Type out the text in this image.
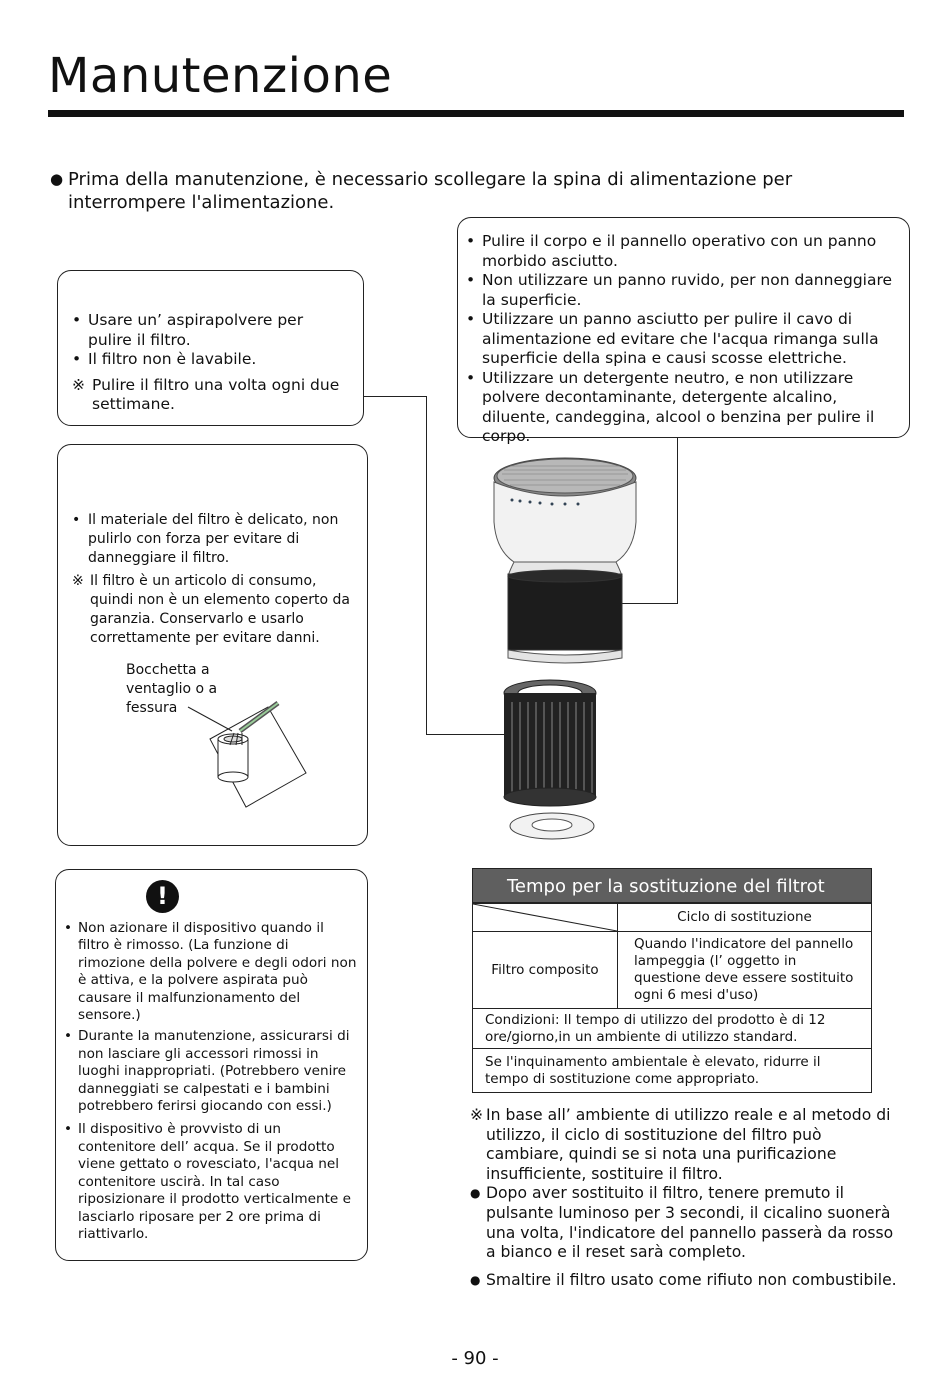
Manutenzione
● Prima della manutenzione, è necessario scollegare la spina di alimentazione per interrompere l'alimentazione.
• Pulire il corpo e il pannello operativo con un panno morbido asciutto.
• Non utilizzare un panno ruvido, per non danneggiare la superficie.
• Utilizzare un panno asciutto per pulire il cavo di alimentazione ed evitare che l'acqua rimanga sulla superficie della spina e causi scosse elettriche.
• Utilizzare un detergente neutro, e non utilizzare polvere decontaminante, detergente alcalino, diluente, candeggina, alcool o benzina per pulire il corpo.
• Usare un’ aspirapolvere per pulire il filtro.
• Il filtro non è lavabile.
※ Pulire il filtro una volta ogni due settimane.
• Il materiale del filtro è delicato, non pulirlo con forza per evitare di danneggiare il filtro.
※ Il filtro è un articolo di consumo, quindi non è un elemento coperto da garanzia. Conservarlo e usarlo correttamente per evitare danni.
Bocchetta a ventaglio o a fessura
!
• Non azionare il dispositivo quando il filtro è rimosso. (La funzione di rimozione della polvere e degli odori non è attiva, e la polvere aspirata può causare il malfunzionamento del sensore.)
• Durante la manutenzione, assicurarsi di non lasciare gli accessori rimossi in luoghi inappropriati. (Potrebbero venire danneggiati se calpestati e i bambini potrebbero ferirsi giocando con essi.)
• Il dispositivo è provvisto di un contenitore dell’ acqua. Se il prodotto viene gettato o rovesciato, l'acqua nel contenitore uscirà. In tal caso riposizionare il prodotto verticalmente e lasciarlo riposare per 2 ore prima di riattivarlo.
Tempo per la sostituzione del filtrot
	Ciclo di sostituzione
Filtro composito	Quando l'indicatore del pannello lampeggia (l’ oggetto in questione deve essere sostituito ogni 6 mesi d'uso)
Condizioni: Il tempo di utilizzo del prodotto è di 12 ore/giorno,in un ambiente di utilizzo standard.	
Se l'inquinamento ambientale è elevato, ridurre il tempo di sostituzione come appropriato.	
※ In base all’ ambiente di utilizzo reale e al metodo di utilizzo, il ciclo di sostituzione del filtro può cambiare, quindi se si nota una purificazione insufficiente, sostituire il filtro.
● Dopo aver sostituito il filtro, tenere premuto il pulsante luminoso per 3 secondi, il cicalino suonerà una volta, l'indicatore del pannello passerà da rosso a bianco e il reset sarà completo.
● Smaltire il filtro usato come rifiuto non combustibile.
- 90 -
